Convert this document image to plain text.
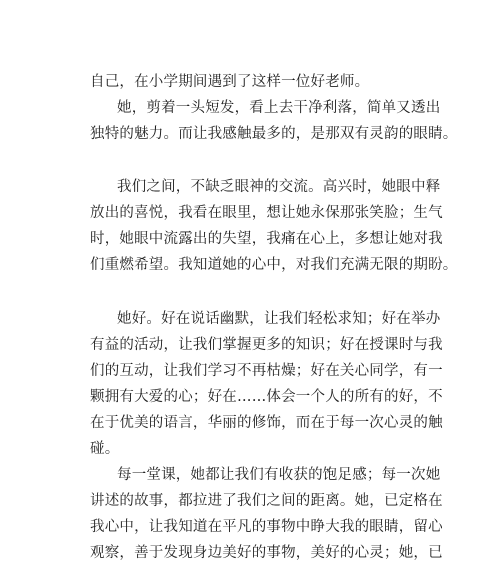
自己，在小学期间遇到了这样一位好老师。
她，剪着一头短发，看上去干净利落，简单又透出
独特的魅力。而让我感触最多的，是那双有灵韵的眼睛。
我们之间，不缺乏眼神的交流。高兴时，她眼中释
放出的喜悦，我看在眼里，想让她永保那张笑脸；生气
时，她眼中流露出的失望，我痛在心上，多想让她对我
们重燃希望。我知道她的心中，对我们充满无限的期盼。
她好。好在说话幽默，让我们轻松求知；好在举办
有益的活动，让我们掌握更多的知识；好在授课时与我
们的互动，让我们学习不再枯燥；好在关心同学，有一
颗拥有大爱的心；好在……体会一个人的所有的好，不
在于优美的语言，华丽的修饰，而在于每一次心灵的触
碰。
每一堂课，她都让我们有收获的饱足感；每一次她
讲述的故事，都拉进了我们之间的距离。她，已定格在
我心中，让我知道在平凡的事物中睁大我的眼睛，留心
观察，善于发现身边美好的事物，美好的心灵；她，已
